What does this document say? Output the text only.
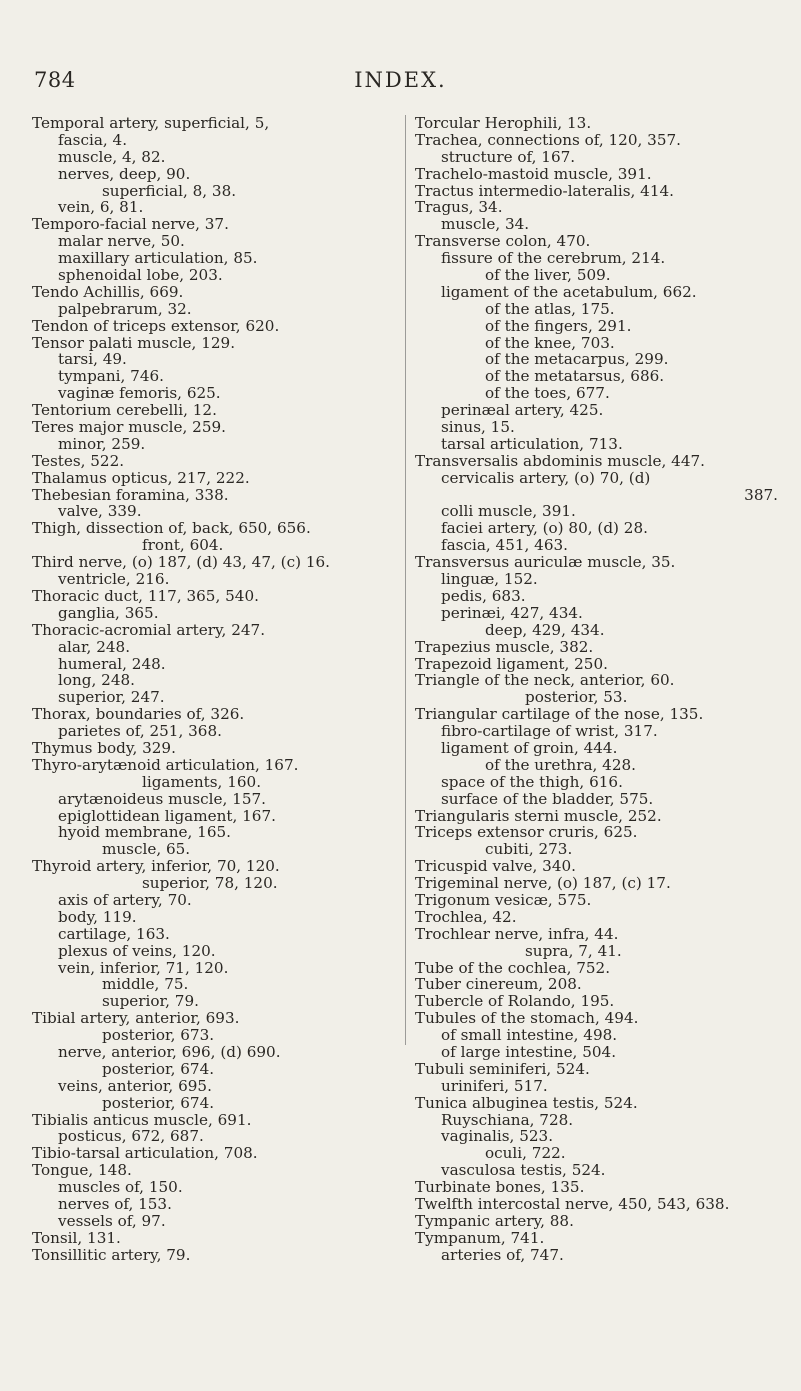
784	INDEX.
Temporal artery, superficial, 5,
fascia, 4.
muscle, 4, 82.
nerves, deep, 90.
superficial, 8, 38.
vein, 6, 81.
Temporo-facial nerve, 37.
malar nerve, 50.
maxillary articulation, 85.
sphenoidal lobe, 203.
Tendo Achillis, 669.
palpebrarum, 32.
Tendon of triceps extensor, 620.
Tensor palati muscle, 129.
tarsi, 49.
tympani, 746.
vaginæ femoris, 625.
Tentorium cerebelli, 12.
Teres major muscle, 259.
minor, 259.
Testes, 522.
Thalamus opticus, 217, 222.
Thebesian foramina, 338.
valve, 339.
Thigh, dissection of, back, 650, 656.
front, 604.
Third nerve, (o) 187, (d) 43, 47, (c) 16.
ventricle, 216.
Thoracic duct, 117, 365, 540.
ganglia, 365.
Thoracic-acromial artery, 247.
alar, 248.
humeral, 248.
long, 248.
superior, 247.
Thorax, boundaries of, 326.
parietes of, 251, 368.
Thymus body, 329.
Thyro-arytænoid articulation, 167.
ligaments, 160.
arytænoideus muscle, 157.
epiglottidean ligament, 167.
hyoid membrane, 165.
muscle, 65.
Thyroid artery, inferior, 70, 120.
superior, 78, 120.
axis of artery, 70.
body, 119.
cartilage, 163.
plexus of veins, 120.
vein, inferior, 71, 120.
middle, 75.
superior, 79.
Tibial artery, anterior, 693.
posterior, 673.
nerve, anterior, 696, (d) 690.
posterior, 674.
veins, anterior, 695.
posterior, 674.
Tibialis anticus muscle, 691.
posticus, 672, 687.
Tibio-tarsal articulation, 708.
Tongue, 148.
muscles of, 150.
nerves of, 153.
vessels of, 97.
Tonsil, 131.
Tonsillitic artery, 79.
Torcular Herophili, 13.
Trachea, connections of, 120, 357.
structure of, 167.
Trachelo-mastoid muscle, 391.
Tractus intermedio-lateralis, 414.
Tragus, 34.
muscle, 34.
Transverse colon, 470.
fissure of the cerebrum, 214.
of the liver, 509.
ligament of the acetabulum, 662.
of the atlas, 175.
of the fingers, 291.
of the knee, 703.
of the metacarpus, 299.
of the metatarsus, 686.
of the toes, 677.
perinæal artery, 425.
sinus, 15.
tarsal articulation, 713.
Transversalis abdominis muscle, 447.
cervicalis artery, (o) 70, (d)
387.
colli muscle, 391.
faciei artery, (o) 80, (d) 28.
fascia, 451, 463.
Transversus auriculæ muscle, 35.
linguæ, 152.
pedis, 683.
perinæi, 427, 434.
deep, 429, 434.
Trapezius muscle, 382.
Trapezoid ligament, 250.
Triangle of the neck, anterior, 60.
posterior, 53.
Triangular cartilage of the nose, 135.
fibro-cartilage of wrist, 317.
ligament of groin, 444.
of the urethra, 428.
space of the thigh, 616.
surface of the bladder, 575.
Triangularis sterni muscle, 252.
Triceps extensor cruris, 625.
cubiti, 273.
Tricuspid valve, 340.
Trigeminal nerve, (o) 187, (c) 17.
Trigonum vesicæ, 575.
Trochlea, 42.
Trochlear nerve, infra, 44.
supra, 7, 41.
Tube of the cochlea, 752.
Tuber cinereum, 208.
Tubercle of Rolando, 195.
Tubules of the stomach, 494.
of small intestine, 498.
of large intestine, 504.
Tubuli seminiferi, 524.
uriniferi, 517.
Tunica albuginea testis, 524.
Ruyschiana, 728.
vaginalis, 523.
oculi, 722.
vasculosa testis, 524.
Turbinate bones, 135.
Twelfth intercostal nerve, 450, 543, 638.
Tympanic artery, 88.
Tympanum, 741.
arteries of, 747.
